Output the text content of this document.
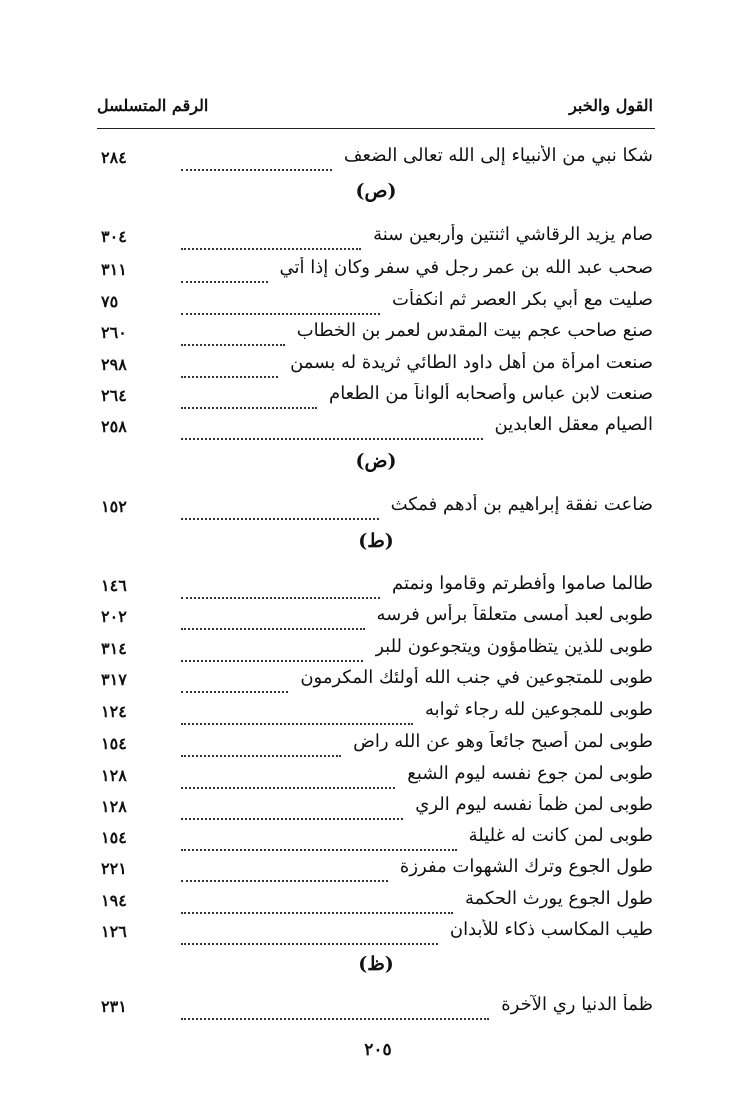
القول والخبر
الرقم المتسلسل
٢٨٤	شكا نبي من الأنبياء إلى الله تعالى الضعف
(ص)
٣٠٤	صام يزيد الرقاشي اثنتين وأربعين سنة
٣١١	صحب عبد الله بن عمر رجل في سفر وكان إذا أتي
٧٥	صليت مع أبي بكر العصر ثم انكفأت
٢٦٠	صنع صاحب عجم بيت المقدس لعمر بن الخطاب
٢٩٨	صنعت امرأة من أهل داود الطائي ثريدة له بسمن
٢٦٤	صنعت لابن عباس وأصحابه ألواناً من الطعام
٢٥٨	الصيام معقل العابدين
(ض)
١٥٢	ضاعت نفقة إبراهيم بن أدهم فمكث
(ط)
١٤٦	طالما صاموا وأفطرتم وقاموا ونمتم
٢٠٢	طوبى لعبد أمسى متعلقاً برأس فرسه
٣١٤	طوبى للذين يتظامؤون ويتجوعون للبر
٣١٧	طوبى للمتجوعين في جنب الله أولئك المكرمون
١٢٤	طوبى للمجوعين لله رجاء ثوابه
١٥٤	طوبى لمن أصبح جائعاً وهو عن الله راض
١٢٨	طوبى لمن جوع نفسه ليوم الشبع
١٢٨	طوبى لمن ظمأ نفسه ليوم الري
١٥٤	طوبى لمن كانت له غليلة
٢٢١	طول الجوع وترك الشهوات مفرزة
١٩٤	طول الجوع يورث الحكمة
١٢٦	طيب المكاسب ذكاء للأبدان
(ظ)
٢٣١	ظمأ الدنيا ري الآخرة
٢٠٥
